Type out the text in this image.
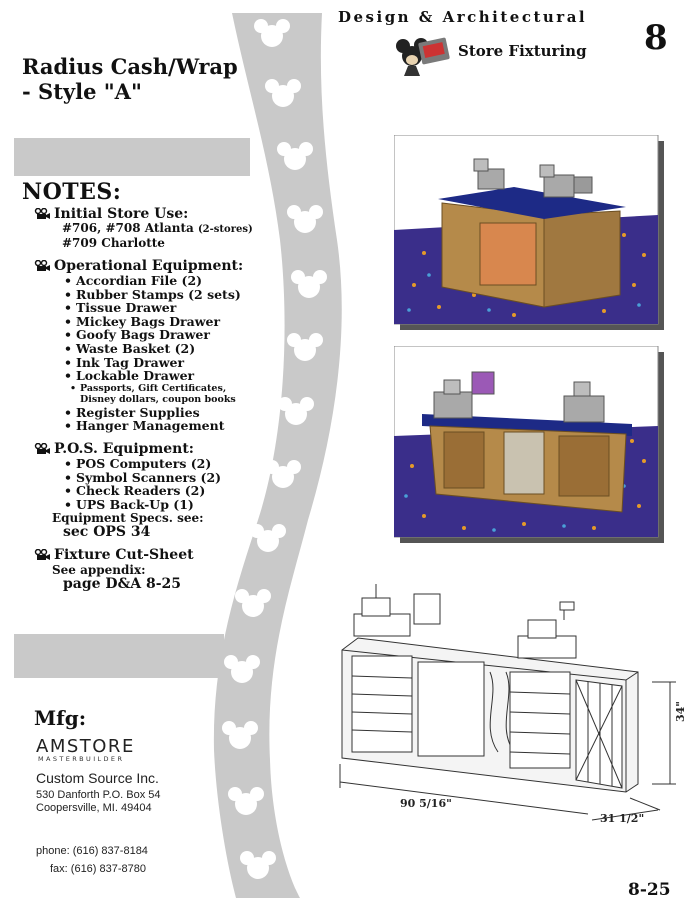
Design & Architectural
Store Fixturing 8
Radius Cash/Wrap
- Style "A"
NOTES:
Initial Store Use:
#706, #708 Atlanta (2-stores)
#709 Charlotte
Operational Equipment:
• Accordian File (2)
• Rubber Stamps (2 sets)
• Tissue Drawer
• Mickey Bags Drawer
• Goofy Bags Drawer
• Waste Basket (2)
• Ink Tag Drawer
• Lockable Drawer
• Passports, Gift Certificates,
Disney dollars, coupon books
• Register Supplies
• Hanger Management
P.O.S. Equipment:
• POS Computers (2)
• Symbol Scanners (2)
• Check Readers (2)
• UPS Back-Up (1)
Equipment Specs. see:
sec OPS 34
Fixture Cut-Sheet
See appendix:
page D&A 8-25
Mfg:
AMSTORE
MASTERBUILDER
Custom Source Inc.
530 Danforth P.O. Box 54
Coopersville, MI. 49404
phone: (616) 837-8184
fax: (616) 837-8780
90 5/16"
31 1/2"
34"
8-25
